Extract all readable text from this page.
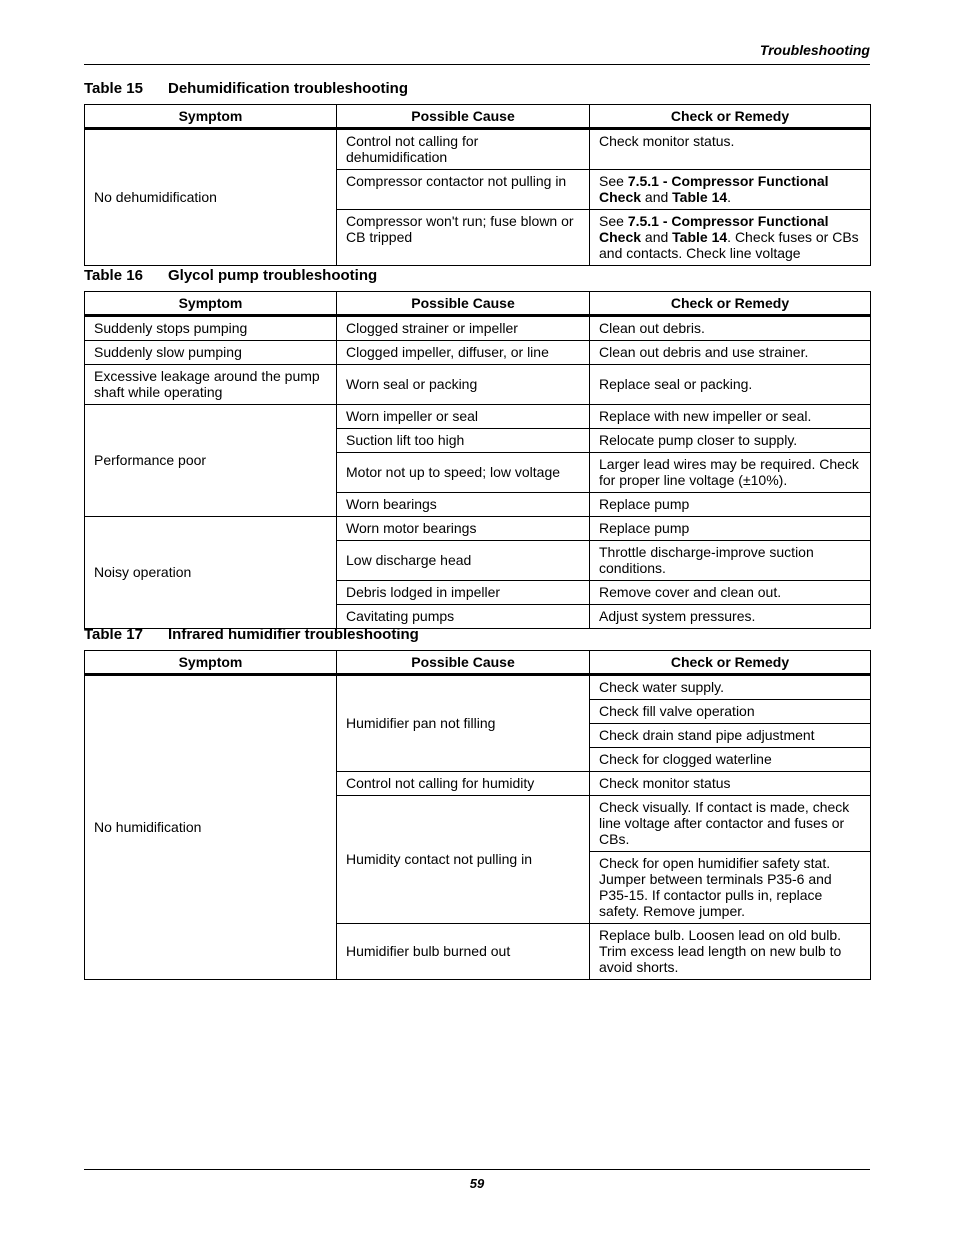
Troubleshooting
Table 15 Dehumidification troubleshooting
Symptom	Possible Cause	Check or Remedy
No dehumidification	Control not calling for dehumidification	Check monitor status.
	Compressor contactor not pulling in	See 7.5.1 - Compressor Functional Check and Table 14.
	Compressor won't run; fuse blown or CB tripped	See 7.5.1 - Compressor Functional Check and Table 14. Check fuses or CBs and contacts. Check line voltage
Table 16 Glycol pump troubleshooting
Symptom	Possible Cause	Check or Remedy
Suddenly stops pumping	Clogged strainer or impeller	Clean out debris.
Suddenly slow pumping	Clogged impeller, diffuser, or line	Clean out debris and use strainer.
Excessive leakage around the pump shaft while operating	Worn seal or packing	Replace seal or packing.
Performance poor	Worn impeller or seal	Replace with new impeller or seal.
	Suction lift too high	Relocate pump closer to supply.
	Motor not up to speed; low voltage	Larger lead wires may be required. Check for proper line voltage (±10%).
	Worn bearings	Replace pump
Noisy operation	Worn motor bearings	Replace pump
	Low discharge head	Throttle discharge-improve suction conditions.
	Debris lodged in impeller	Remove cover and clean out.
	Cavitating pumps	Adjust system pressures.
Table 17 Infrared humidifier troubleshooting
Symptom	Possible Cause	Check or Remedy
No humidification	Humidifier pan not filling	Check water supply.
		Check fill valve operation
		Check drain stand pipe adjustment
		Check for clogged waterline
	Control not calling for humidity	Check monitor status
	Humidity contact not pulling in	Check visually. If contact is made, check line voltage after contactor and fuses or CBs.
		Check for open humidifier safety stat. Jumper between terminals P35-6 and P35-15. If contactor pulls in, replace safety. Remove jumper.
	Humidifier bulb burned out	Replace bulb. Loosen lead on old bulb. Trim excess lead length on new bulb to avoid shorts.
59
